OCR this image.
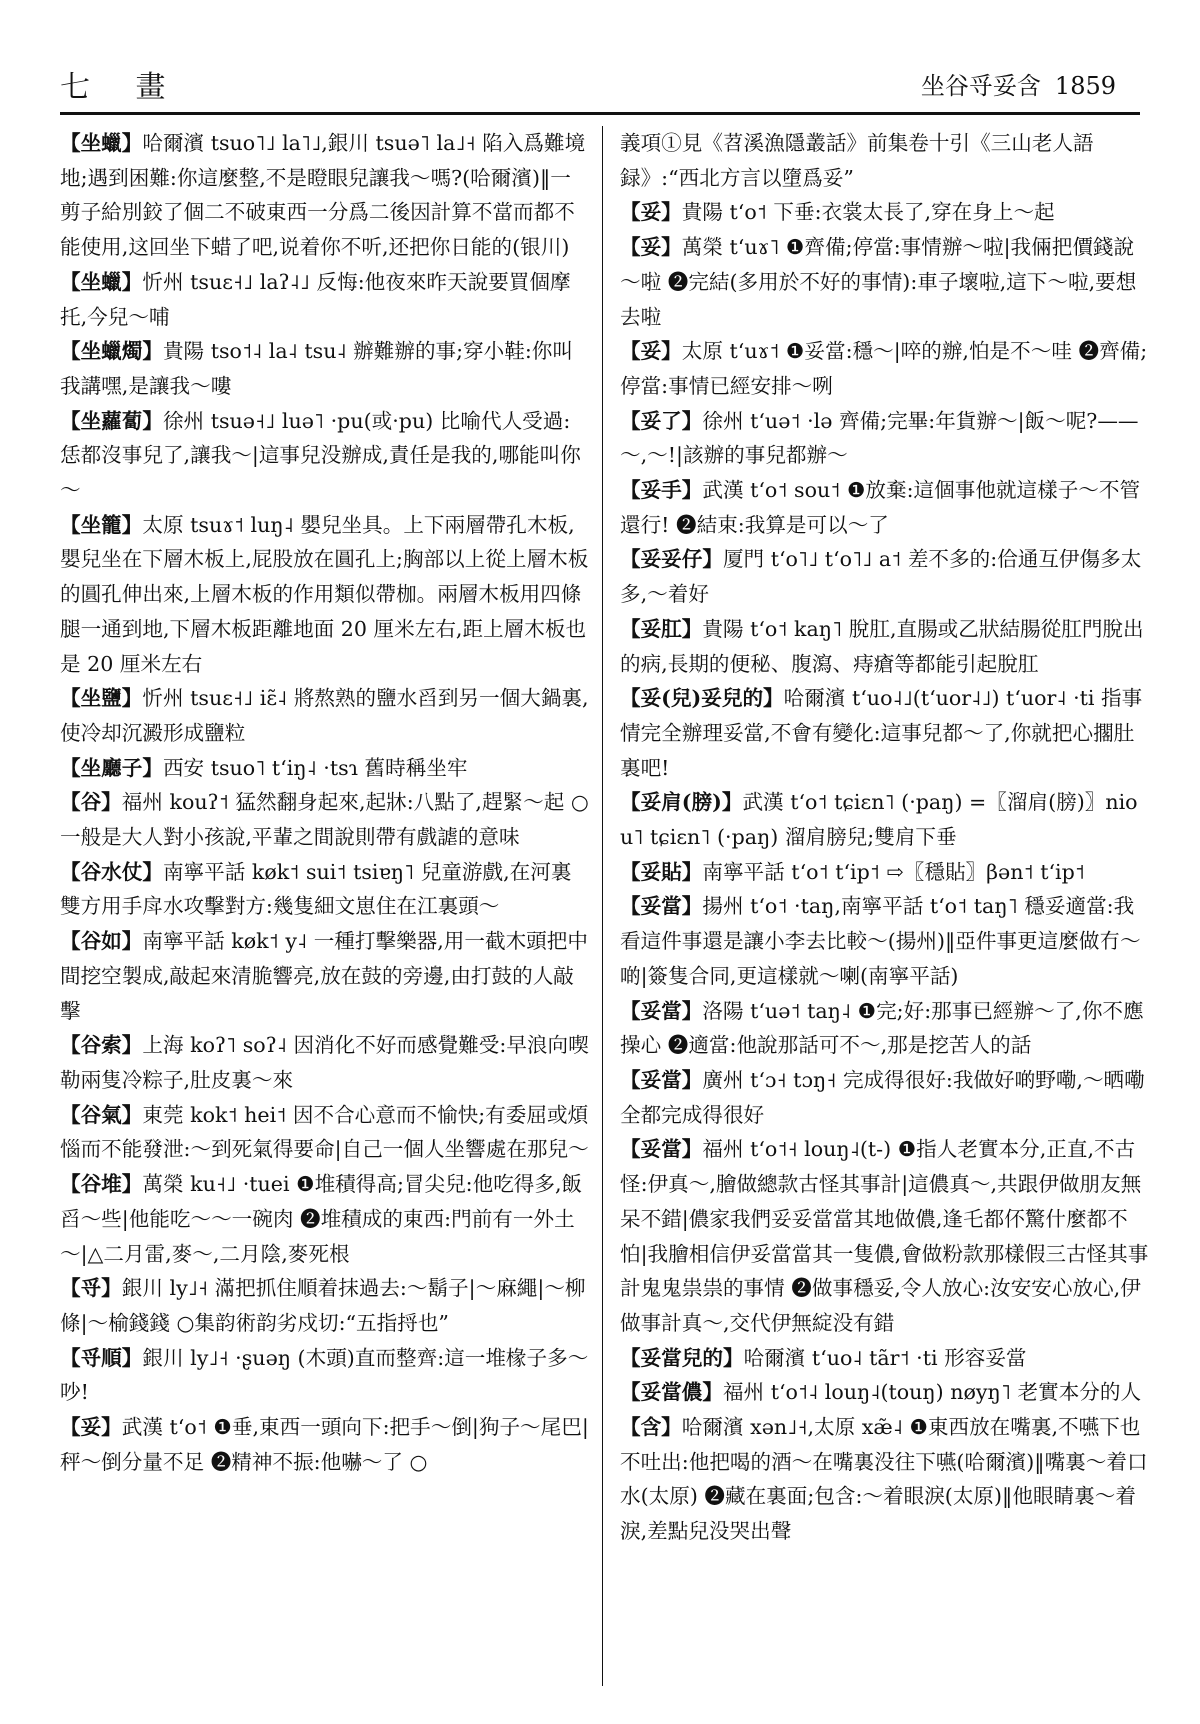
七 畫	坐谷寽妥含 1859

【坐蠟】哈爾濱 tsuo˥˩ la˥˩,銀川 tsuə˥ la˩˧ 陷入爲難境地;遇到困難:你這麼整,不是瞪眼兒讓我～嗎?(哈爾濱)‖一剪子給別鉸了個二不破東西一分爲二後因計算不當而都不能使用,这回坐下蜡了吧,说着你不听,还把你日能的(银川)

【坐蠟】忻州 tsuɛ˧˩ laʔ˨˩ 反悔:他夜來昨天說要買個摩托,今兒～哺

【坐蠟燭】貴陽 tso˦˨ la˨ tsu˨ 辦難辦的事;穿小鞋:你叫我講嘿,是讓我～嘍

【坐蘿蔔】徐州 tsuə˧˩ luə˥ ·pu(或·pu) 比喻代人受過:恁都沒事兒了,讓我～|這事兒没辦成,責任是我的,哪能叫你～

【坐籠】太原 tsuɤ˦ luŋ˨ 嬰兒坐具。上下兩層帶孔木板,嬰兒坐在下層木板上,屁股放在圓孔上;胸部以上從上層木板的圓孔伸出來,上層木板的作用類似帶枷。兩層木板用四條腿一通到地,下層木板距離地面 20 厘米左右,距上層木板也是 20 厘米左右

【坐鹽】忻州 tsuɛ˧˩ iɛ̃˨ 將熬熟的鹽水舀到另一個大鍋裏,使冷却沉澱形成鹽粒

【坐廳子】西安 tsuo˥ tʻiŋ˨ ·tsɿ 舊時稱坐牢

【谷】福州 kouʔ˦ 猛然翻身起來,起牀:八點了,趕緊～起 ○一般是大人對小孩說,平輩之間說則帶有戲謔的意味

【谷水仗】南寧平話 køk˦ sui˦ tsiɐŋ˥ 兒童游戲,在河裏雙方用手戽水攻擊對方:幾隻細文崽住在江裏頭～

【谷如】南寧平話 køk˦ y˨ 一種打擊樂器,用一截木頭把中間挖空製成,敲起來清脆響亮,放在鼓的旁邊,由打鼓的人敲擊

【谷索】上海 koʔ˥ soʔ˨ 因消化不好而感覺難受:早浪向喫勒兩隻冷粽子,肚皮裏～來

【谷氣】東莞 kok˦ hei˦ 因不合心意而不愉快;有委屈或煩惱而不能發泄:～到死氣得要命|自己一個人坐響處在那兒～

【谷堆】萬榮 ku˧˩ ·tuei ❶堆積得高;冒尖兒:他吃得多,飯舀～些|他能吃～～一碗肉 ❷堆積成的東西:門前有一外土～|△二月雷,麥～,二月陰,麥死根

【寽】銀川 ly˩˧ 滿把抓住順着抹過去:～鬍子|～麻繩|～柳條|～榆錢錢 ○集韵術韵劣戍切:“五指捋也”

【寽順】銀川 ly˩˧ ·ʂuəŋ (木頭)直而整齊:這一堆椽子多～吵!

【妥】武漢 tʻo˦ ❶垂,東西一頭向下:把手～倒|狗子～尾巴|秤～倒分量不足 ❷精神不振:他嚇～了 ○

義項①見《苕溪漁隱叢話》前集卷十引《三山老人語録》:“西北方言以墮爲妥”

【妥】貴陽 tʻo˦ 下垂:衣裳太長了,穿在身上～起

【妥】萬榮 tʻuɤ˥ ❶齊備;停當:事情辦～啦|我倆把價錢說～啦 ❷完結(多用於不好的事情):車子壞啦,這下～啦,要想去啦

【妥】太原 tʻuɤ˦ ❶妥當:穩～|啐的辦,怕是不～哇 ❷齊備;停當:事情已經安排～咧

【妥了】徐州 tʻuə˦ ·lə 齊備;完畢:年貨辦～|飯～呢?——～,～!|該辦的事兒都辦～

【妥手】武漢 tʻo˦ sou˦ ❶放棄:這個事他就這樣子～不管還行! ❷結束:我算是可以～了

【妥妥仔】厦門 tʻo˥˩ tʻo˥˩ a˦ 差不多的:佮通互伊傷多太多,～着好

【妥肛】貴陽 tʻo˦ kaŋ˥ 脫肛,直腸或乙狀結腸從肛門脫出的病,長期的便秘、腹瀉、痔瘡等都能引起脫肛

【妥(兒)妥兒的】哈爾濱 tʻuo˨˩(tʻuor˨˩) tʻuor˨ ·ti 指事情完全辦理妥當,不會有變化:這事兒都～了,你就把心擱肚裏吧!

【妥肩(膀)】武漢 tʻo˦ tɕiɛn˥ (·paŋ) =〖溜肩(膀)〗niou˥ tɕiɛn˥ (·paŋ) 溜肩膀兒;雙肩下垂

【妥貼】南寧平話 tʻo˦ tʻip˦ ⇨〖穩貼〗βən˦ tʻip˦

【妥當】揚州 tʻo˦ ·taŋ,南寧平話 tʻo˦ taŋ˥ 穩妥適當:我看這件事還是讓小李去比較～(揚州)‖亞件事更這麼做冇～啲|簽隻合同,更這樣就～喇(南寧平話)

【妥當】洛陽 tʻuə˦ taŋ˨ ❶完;好:那事已經辦～了,你不應操心 ❷適當:他說那話可不～,那是挖苦人的話

【妥當】廣州 tʻɔ˧ tɔŋ˧ 完成得很好:我做好啲野嘞,～晒嘞全都完成得很好

【妥當】福州 tʻo˦˧ louŋ˨(t-) ❶指人老實本分,正直,不古怪:伊真～,膾做總款古怪其事計|這儂真～,共跟伊做朋友無呆不錯|儂家我們妥妥當當其地做儂,逢乇都伓驚什麼都不怕|我膾相信伊妥當當其一隻儂,會做粉款那樣假三古怪其事計鬼鬼祟祟的事情 ❷做事穩妥,令人放心:汝安安心放心,伊做事計真～,交代伊無綻没有錯

【妥當兒的】哈爾濱 tʻuo˨ tãr˦ ·ti 形容妥當

【妥當儂】福州 tʻo˦˨ louŋ˨(touŋ) nøyŋ˥ 老實本分的人

【含】哈爾濱 xən˩˧,太原 xæ̃˨ ❶東西放在嘴裏,不嚥下也不吐出:他把喝的酒～在嘴裏没往下嚥(哈爾濱)‖嘴裏～着口水(太原) ❷藏在裏面;包含:～着眼淚(太原)‖他眼睛裏～着淚,差點兒没哭出聲
